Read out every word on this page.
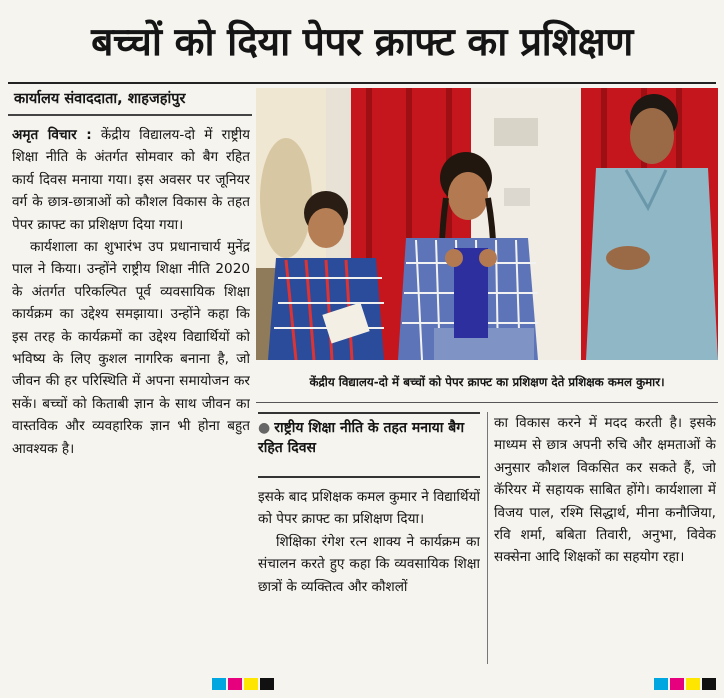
बच्चों को दिया पेपर क्राफ्ट का प्रशिक्षण
कार्यालय संवाददाता, शाहजहांपुर

अमृत विचार : केंद्रीय विद्यालय-दो में राष्ट्रीय शिक्षा नीति के अंतर्गत सोमवार को बैग रहित कार्य दिवस मनाया गया। इस अवसर पर जूनियर वर्ग के छात्र-छात्राओं को कौशल विकास के तहत पेपर क्राफ्ट का प्रशिक्षण दिया गया।

कार्यशाला का शुभारंभ उप प्रधानाचार्य मुनेंद्र पाल ने किया। उन्होंने राष्ट्रीय शिक्षा नीति 2020 के अंतर्गत परिकल्पित पूर्व व्यवसायिक शिक्षा कार्यक्रम का उद्देश्य समझाया। उन्होंने कहा कि इस तरह के कार्यक्रमों का उद्देश्य विद्यार्थियों को भविष्य के लिए कुशल नागरिक बनाना है, जो जीवन की हर परिस्थिति में अपना समायोजन कर सकें। बच्चों को किताबी ज्ञान के साथ जीवन का वास्तविक और व्यवहारिक ज्ञान भी होना बहुत आवश्यक है।

केंद्रीय विद्यालय-दो में बच्चों को पेपर क्राफ्ट का प्रशिक्षण देते प्रशिक्षक कमल कुमार।
● राष्ट्रीय शिक्षा नीति के तहत मनाया बैग रहित दिवस

इसके बाद प्रशिक्षक कमल कुमार ने विद्यार्थियों को पेपर क्राफ्ट का प्रशिक्षण दिया।

शिक्षिका रंगेश रत्न शाक्य ने कार्यक्रम का संचालन करते हुए कहा कि व्यवसायिक शिक्षा छात्रों के व्यक्तित्व और कौशलों

का विकास करने में मदद करती है। इसके माध्यम से छात्र अपनी रुचि और क्षमताओं के अनुसार कौशल विकसित कर सकते हैं, जो कॅरियर में सहायक साबित होंगे। कार्यशाला में विजय पाल, रश्मि सिद्धार्थ, मीना कनौजिया, रवि शर्मा, बबिता तिवारी, अनुभा, विवेक सक्सेना आदि शिक्षकों का सहयोग रहा।
